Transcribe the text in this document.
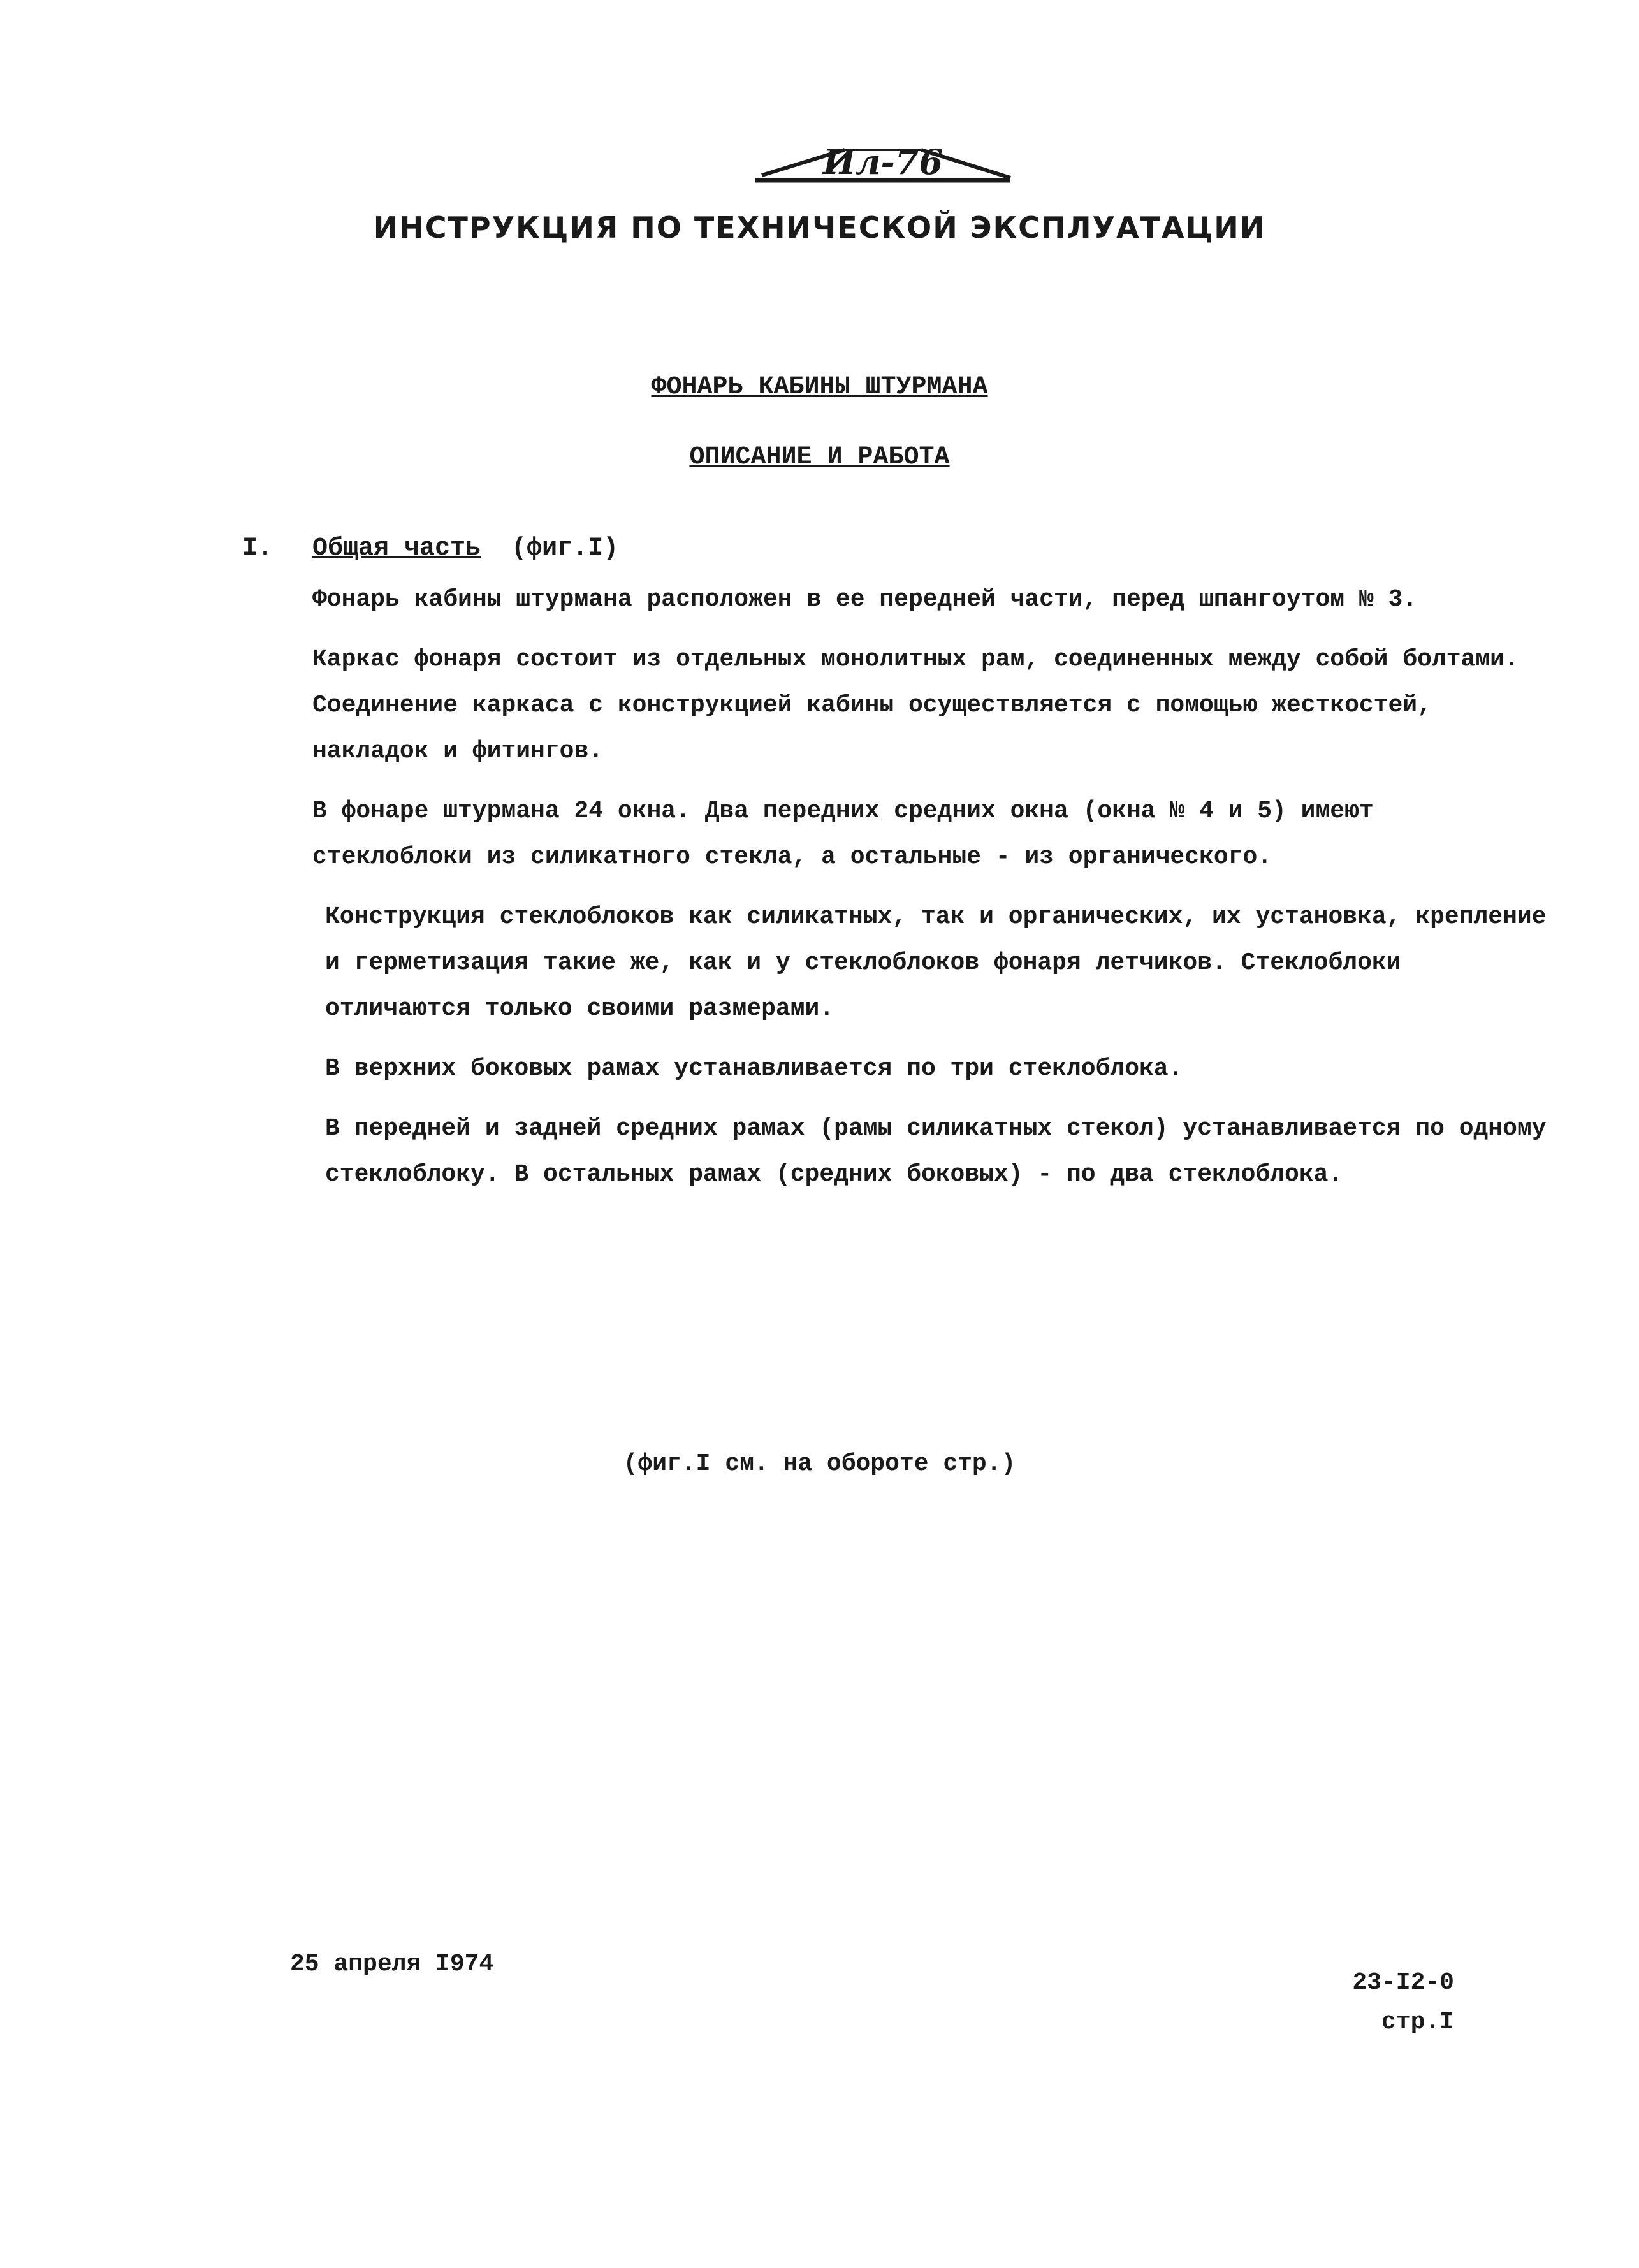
Ил-76
ИНСТРУКЦИЯ ПО ТЕХНИЧЕСКОЙ ЭКСПЛУАТАЦИИ
ФОНАРЬ КАБИНЫ ШТУРМАНА
ОПИСАНИЕ И РАБОТА
I. Общая часть (фиг.I)

Фонарь кабины штурмана расположен в ее передней части, перед шпангоутом № 3.

Каркас фонаря состоит из отдельных монолитных рам, соединенных между собой болтами. Соединение каркаса с конструкцией кабины осуществляется с помощью жесткостей, накладок и фитингов.

В фонаре штурмана 24 окна. Два передних средних окна (окна № 4 и 5) имеют стеклоблоки из силикатного стекла, а остальные - из органического.

Конструкция стеклоблоков как силикатных, так и органических, их установка, крепление и герметизация такие же, как и у стеклоблоков фонаря летчиков. Стеклоблоки отличаются только своими размерами.

В верхних боковых рамах устанавливается по три стеклоблока.

В передней и задней средних рамах (рамы силикатных стекол) устанавливается по одному стеклоблоку. В остальных рамах (средних боковых) - по два стеклоблока.

(фиг.I см. на обороте стр.)
25 апреля I974
23-I2-0
стр.I
